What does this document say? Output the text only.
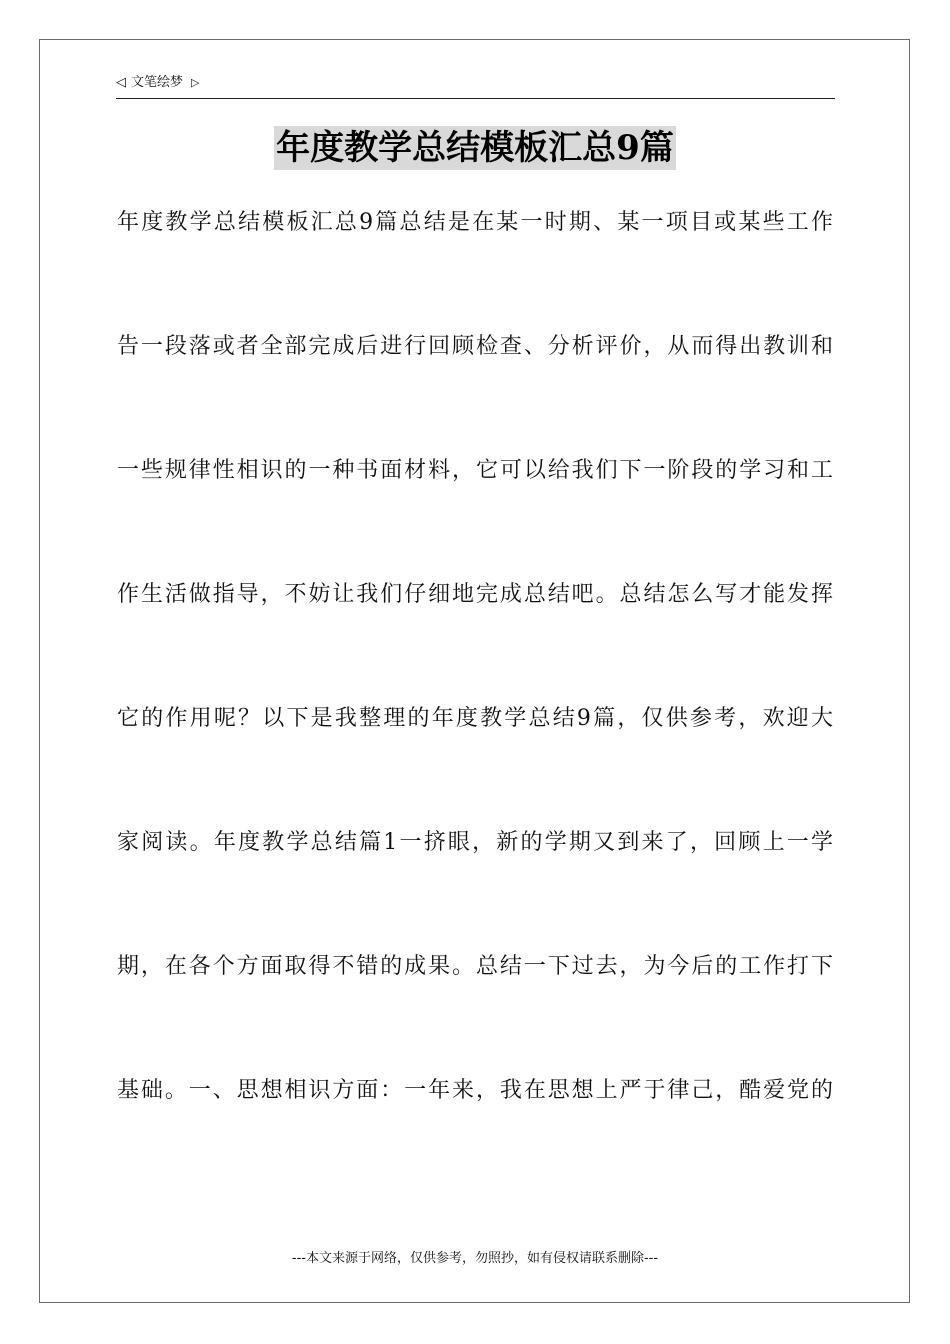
◁ 文笔绘梦 ▷
年度教学总结模板汇总9篇
年度教学总结模板汇总9篇总结是在某一时期、某一项目或某些工作
告一段落或者全部完成后进行回顾检查、分析评价，从而得出教训和
一些规律性相识的一种书面材料，它可以给我们下一阶段的学习和工
作生活做指导，不妨让我们仔细地完成总结吧。总结怎么写才能发挥
它的作用呢？以下是我整理的年度教学总结9篇，仅供参考，欢迎大
家阅读。年度教学总结篇1一挤眼，新的学期又到来了，回顾上一学
期，在各个方面取得不错的成果。总结一下过去，为今后的工作打下
基础。一、思想相识方面：一年来，我在思想上严于律己，酷爱党的
---本文来源于网络，仅供参考，勿照抄，如有侵权请联系删除---
